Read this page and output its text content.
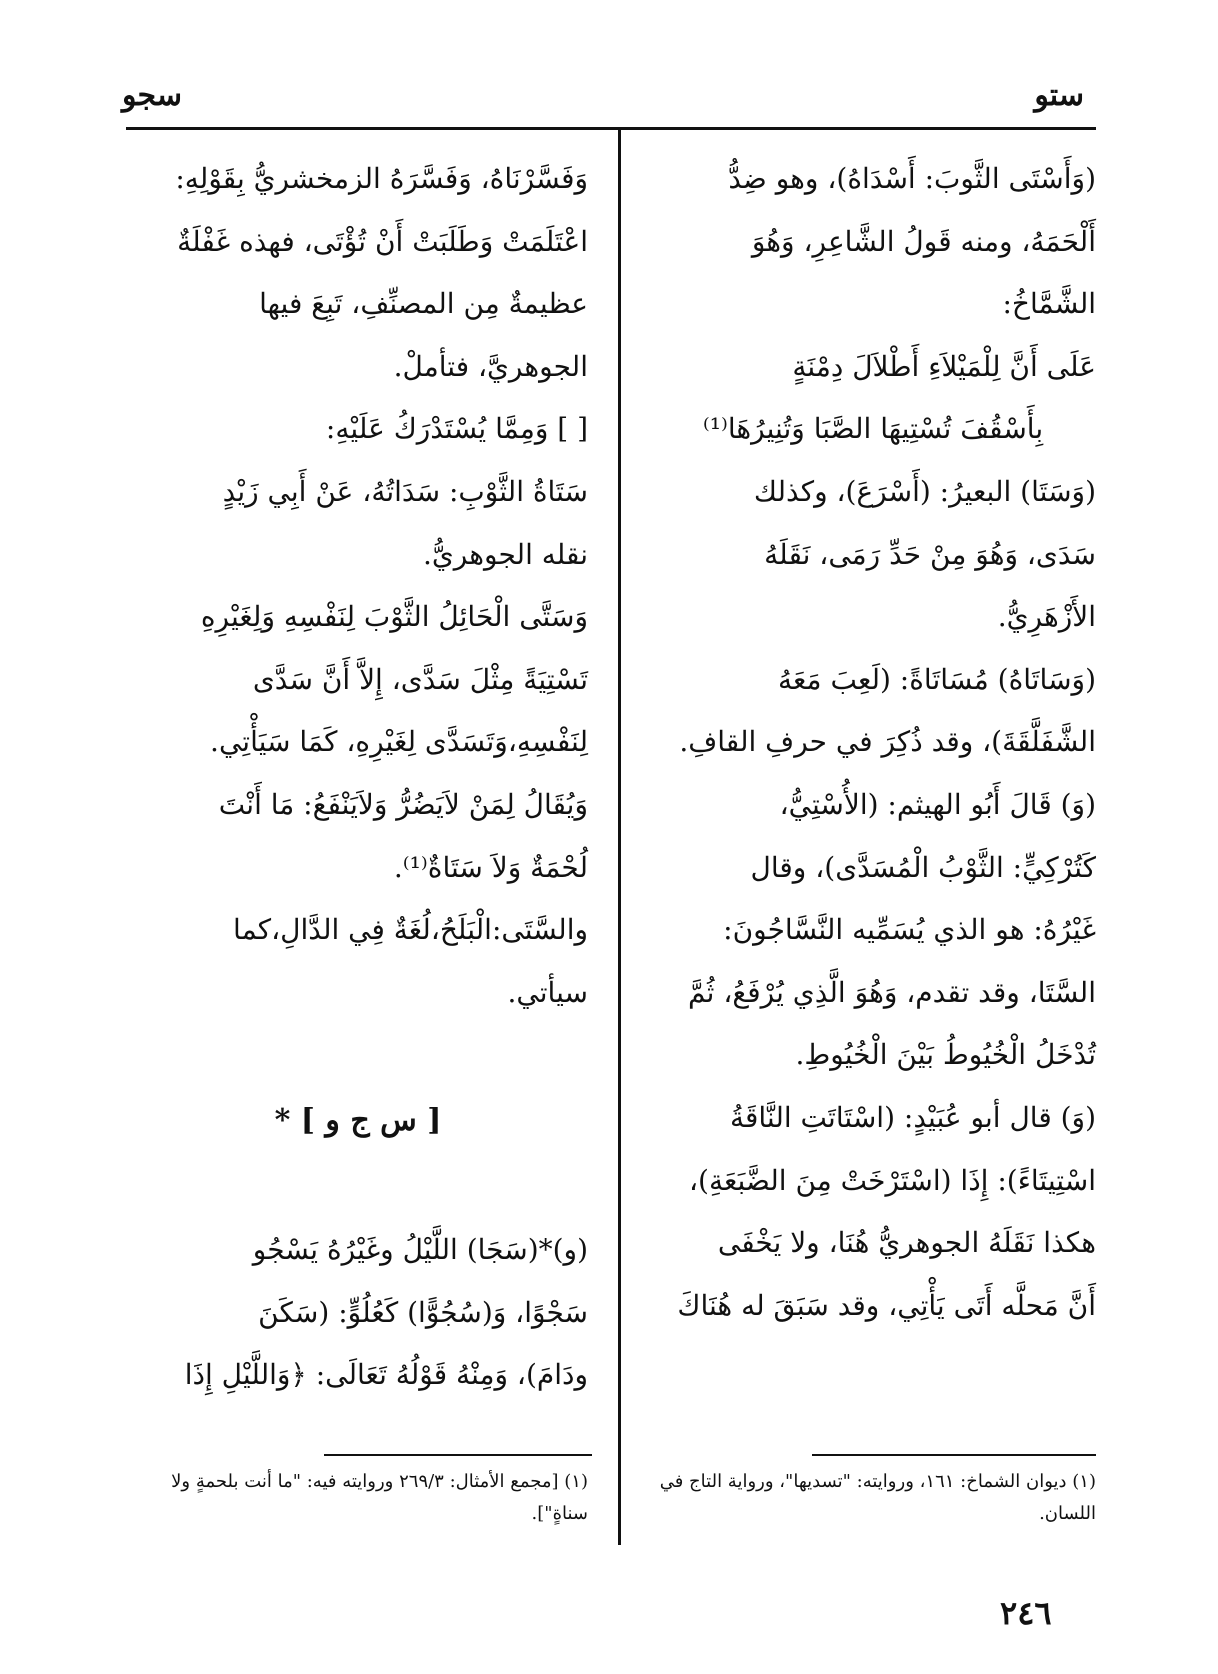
ستو
سجو

(وَأَسْتَى الثَّوبَ: أَسْدَاهُ)، وهو ضِدُّ

أَلْحَمَهُ، ومنه قَولُ الشَّاعِرِ، وَهُوَ

الشَّمَّاخُ:

عَلَى أَنَّ لِلْمَيْلاَءِ أَطْلاَلَ دِمْنَةٍ

بِأَسْقُفَ تُسْتِيهَا الصَّبَا وَتُنِيرُهَا⁽¹⁾

(وَسَتَا) البعيرُ: (أَسْرَعَ)، وكذلك

سَدَى، وَهُوَ مِنْ حَدِّ رَمَى، نَقَلَهُ

الأَزْهَرِيُّ.

(وَسَاتَاهُ) مُسَاتَاةً: (لَعِبَ مَعَهُ

الشَّفَلَّقَةَ)، وقد ذُكِرَ في حرفِ القافِ.

(وَ) قَالَ أَبُو الهيثم: (الأُسْتِيُّ،

كَتُرْكِيٍّ: الثَّوْبُ الْمُسَدَّى)، وقال

غَيْرُهُ: هو الذي يُسَمِّيه النَّسَّاجُونَ:

السَّتَا، وقد تقدم، وَهُوَ الَّذِي يُرْفَعُ، ثُمَّ

تُدْخَلُ الْخُيُوطُ بَيْنَ الْخُيُوطِ.

(وَ) قال أبو عُبَيْدٍ: (اسْتَاتَتِ النَّاقَةُ

اسْتِيتَاءً): إِذَا (اسْتَرْخَتْ مِنَ الضَّبَعَةِ)،

هكذا نَقَلَهُ الجوهريُّ هُنَا، ولا يَخْفَى

أَنَّ مَحلَّه أَتَى يَأْتِي، وقد سَبَقَ له هُنَاكَ

وَفَسَّرْنَاهُ، وَفَسَّرَهُ الزمخشريُّ بِقَوْلِهِ:

اعْتَلَمَتْ وَطَلَبَتْ أَنْ تُؤْتَى، فهذه غَفْلَةٌ

عظيمةٌ مِن المصنِّفِ، تَبِعَ فيها

الجوهريَّ، فتأملْ.

[ ] وَمِمَّا يُسْتَدْرَكُ عَلَيْهِ:

سَتَاةُ الثَّوْبِ: سَدَاتُهُ، عَنْ أَبِي زَيْدٍ

نقله الجوهريُّ.

وَسَتَّى الْحَائِلُ الثَّوْبَ لِنَفْسِهِ وَلِغَيْرِهِ

تَسْتِيَةً مِثْلَ سَدَّى، إِلاَّ أَنَّ سَدَّى

لِنَفْسِهِ،وَتَسَدَّى لِغَيْرِهِ، كَمَا سَيَأْتِي.

وَيُقَالُ لِمَنْ لاَيَضُرُّ وَلاَيَنْفَعُ: مَا أَنْتَ

لُحْمَةٌ وَلاَ سَتَاةٌ⁽¹⁾.

والسَّتَى:الْبَلَحُ،لُغَةٌ فِي الدَّالِ،كما

سيأتي.

[ س ج و ] *

(و)*(سَجَا) اللَّيْلُ وغَيْرُهُ يَسْجُو

سَجْوًا، وَ(سُجُوًّا) كَعُلُوٍّ: (سَكَنَ

ودَامَ)، وَمِنْهُ قَوْلُهُ تَعَالَى: ﴿وَاللَّيْلِ إِذَا

(١) ديوان الشماخ: ١٦١، وروايته: "تسديها"، ورواية التاج في اللسان.

(١) [مجمع الأمثال: ٢٦٩/٣ وروايته فيه: "ما أنت بلحمةٍ ولا سناةٍ"].

٢٤٦
